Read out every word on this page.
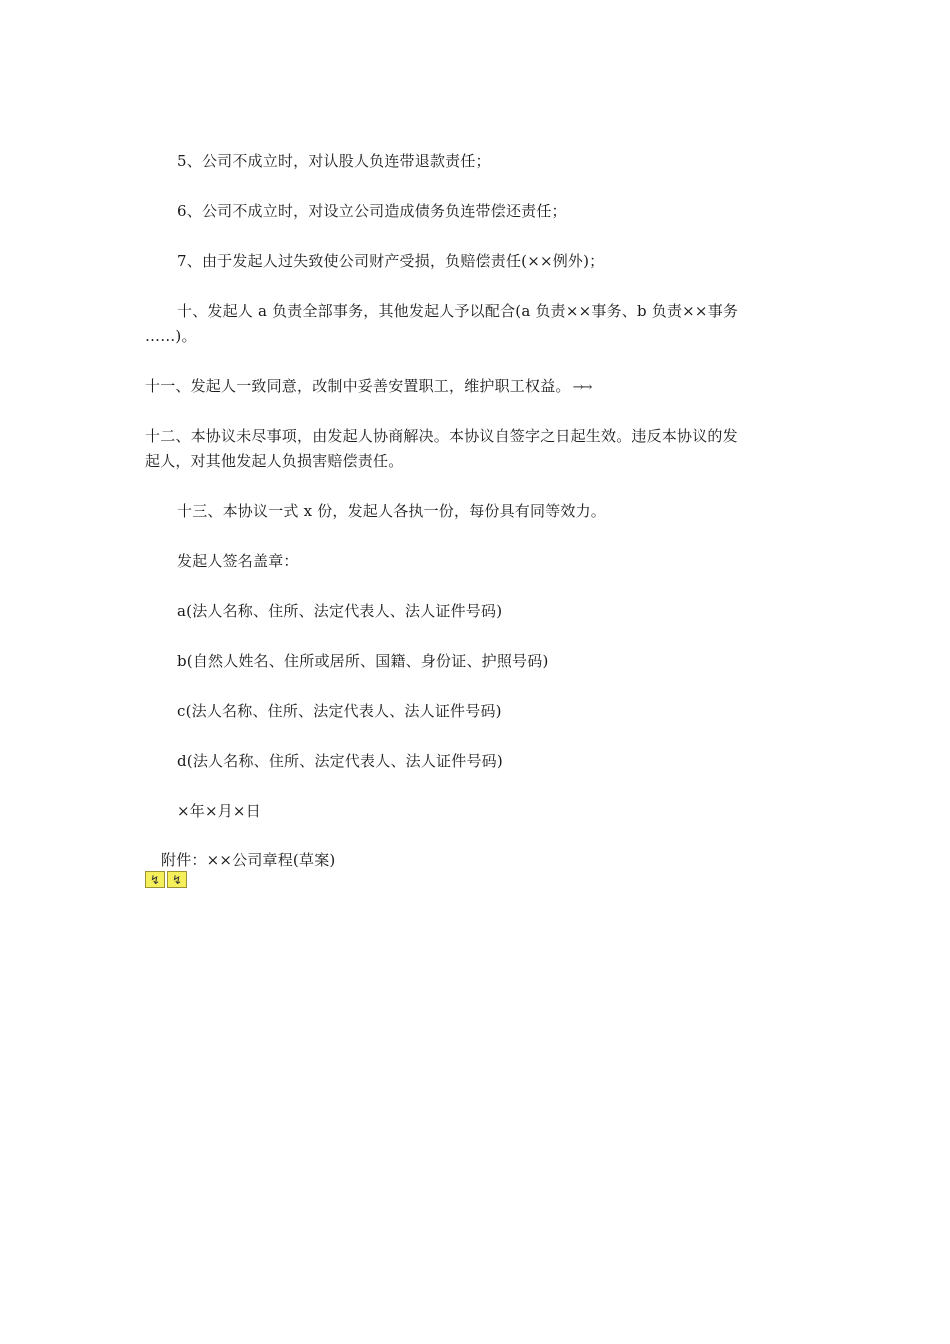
5、公司不成立时，对认股人负连带退款责任；
6、公司不成立时，对设立公司造成债务负连带偿还责任；
7、由于发起人过失致使公司财产受损，负赔偿责任(××例外)；
十、发起人 a 负责全部事务，其他发起人予以配合(a 负责××事务、b 负责××事务
……)。
十一、发起人一致同意，改制中妥善安置职工，维护职工权益。 →→
十二、本协议未尽事项，由发起人协商解决。本协议自签字之日起生效。违反本协议的发
起人，对其他发起人负损害赔偿责任。
十三、本协议一式 x 份，发起人各执一份，每份具有同等效力。
发起人签名盖章：
a(法人名称、住所、法定代表人、法人证件号码)
b(自然人姓名、住所或居所、国籍、身份证、护照号码)
c(法人名称、住所、法定代表人、法人证件号码)
d(法人名称、住所、法定代表人、法人证件号码)
×年×月×日
附件：××公司章程(草案)
↯ ↯
